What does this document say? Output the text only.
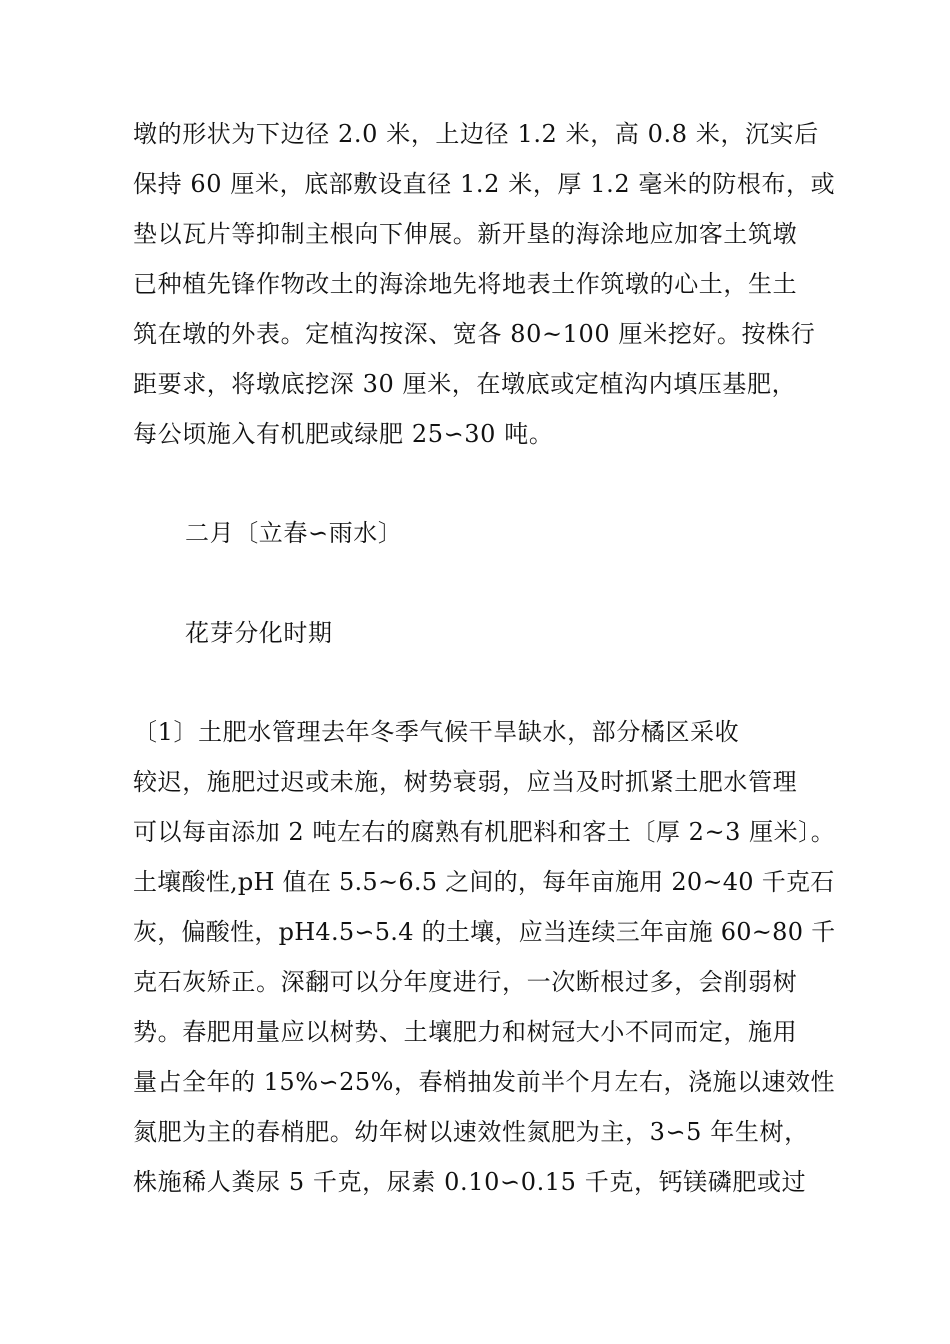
墩的形状为下边径 2.0 米，上边径 1.2 米，高 0.8 米，沉实后
保持 60 厘米，底部敷设直径 1.2 米，厚 1.2 毫米的防根布，或
垫以瓦片等抑制主根向下伸展。新开垦的海涂地应加客土筑墩
已种植先锋作物改土的海涂地先将地表土作筑墩的心土，生土
筑在墩的外表。定植沟按深、宽各 80~100 厘米挖好。按株行
距要求，将墩底挖深 30 厘米，在墩底或定植沟内填压基肥，
每公顷施入有机肥或绿肥 25∽30 吨。
二月〔立春∽雨水〕
花芽分化时期
〔1〕土肥水管理去年冬季气候干旱缺水，部分橘区采收
较迟，施肥过迟或未施，树势衰弱，应当及时抓紧土肥水管理
可以每亩添加 2 吨左右的腐熟有机肥料和客土〔厚 2~3 厘米〕。
土壤酸性,pH 值在 5.5~6.5 之间的，每年亩施用 20~40 千克石
灰，偏酸性，pH4.5∽5.4 的土壤，应当连续三年亩施 60~80 千
克石灰矫正。深翻可以分年度进行，一次断根过多，会削弱树
势。春肥用量应以树势、土壤肥力和树冠大小不同而定，施用
量占全年的 15%∽25%，春梢抽发前半个月左右，浇施以速效性
氮肥为主的春梢肥。幼年树以速效性氮肥为主，3∽5 年生树，
株施稀人粪尿 5 千克，尿素 0.10∽0.15 千克，钙镁磷肥或过
